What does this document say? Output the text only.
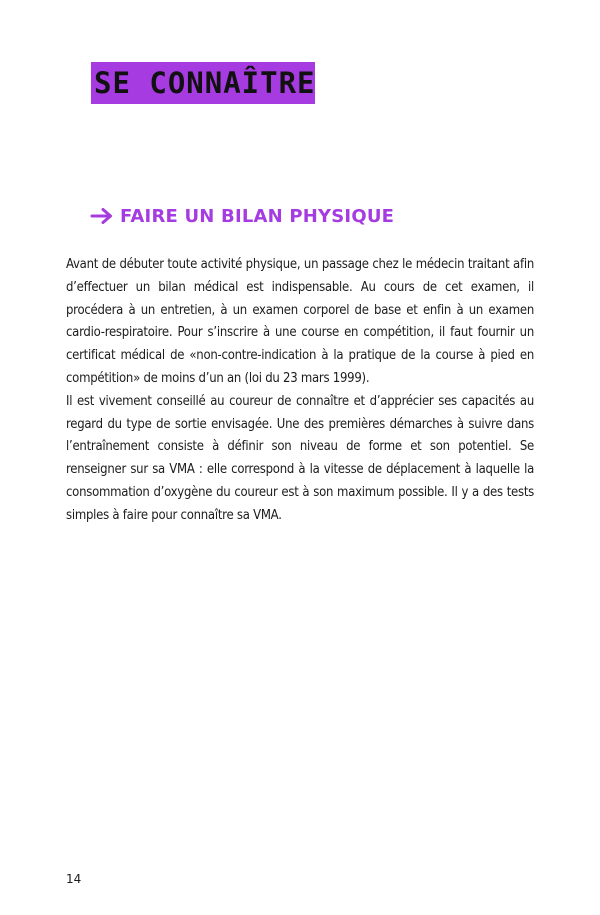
SE CONNAÎTRE
FAIRE UN BILAN PHYSIQUE

Avant de débuter toute activité physique, un passage chez le médecin traitant afin d’effectuer un bilan médical est indispensable. Au cours de cet examen, il procédera à un entretien, à un examen corporel de base et enfin à un examen cardio-respiratoire. Pour s’inscrire à une course en compétition, il faut fournir un certificat médical de «non-contre-indication à la pratique de la course à pied en compétition» de moins d’un an (loi du 23 mars 1999).

Il est vivement conseillé au coureur de connaître et d’apprécier ses capacités au regard du type de sortie envisagée. Une des premières démarches à suivre dans l’entraînement consiste à définir son niveau de forme et son potentiel. Se renseigner sur sa VMA : elle correspond à la vitesse de déplacement à laquelle la consommation d’oxygène du coureur est à son maximum possible. Il y a des tests simples à faire pour connaître sa VMA.

14
